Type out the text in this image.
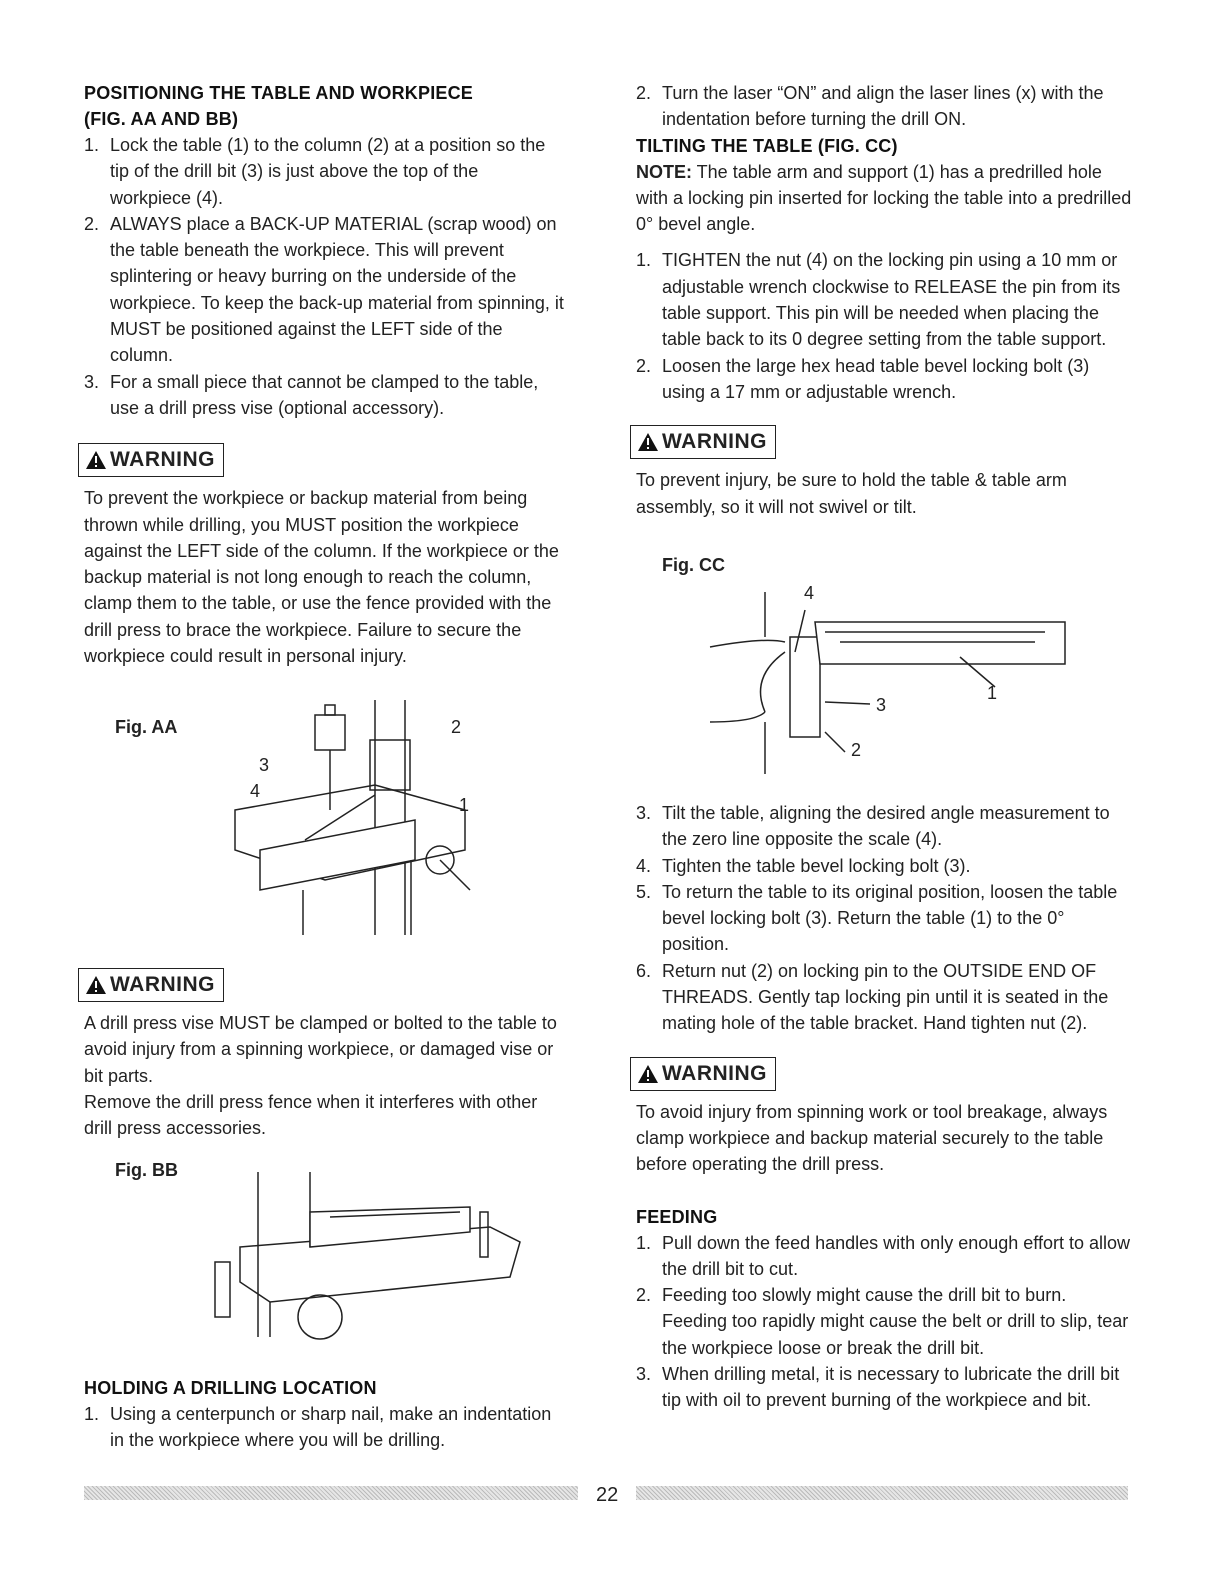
POSITIONING THE TABLE AND WORKPIECE
(FIG. AA AND BB)
1. Lock the table (1) to the column (2) at a position so the tip of the drill bit (3) is just above the top of the workpiece (4).
2. ALWAYS place a BACK-UP MATERIAL (scrap wood) on the table beneath the workpiece. This will prevent splintering or heavy burring on the underside of the workpiece. To keep the back-up material from spinning, it MUST be positioned against the LEFT side of the column.
3. For a small piece that cannot be clamped to the table, use a drill press vise (optional accessory).
WARNING

To prevent the workpiece or backup material from being thrown while drilling, you MUST position the workpiece against the LEFT side of the column. If the workpiece or the backup material is not long enough to reach the column, clamp them to the table, or use the fence provided with the drill press to brace the workpiece. Failure to secure the workpiece could result in personal injury.

Fig. AA	2
3
4
1
WARNING

A drill press vise MUST be clamped or bolted to the table to avoid injury from a spinning workpiece, or damaged vise or bit parts.

Remove the drill press fence when it interferes with other drill press accessories.

Fig. BB
HOLDING A DRILLING LOCATION
1. Using a centerpunch or sharp nail, make an indentation in the workpiece where you will be drilling.
2. Turn the laser “ON” and align the laser lines (x) with the indentation before turning the drill ON.
TILTING THE TABLE (FIG. CC)

NOTE: The table arm and support (1) has a predrilled hole with a locking pin inserted for locking the table into a predrilled 0° bevel angle.

1. TIGHTEN the nut (4) on the locking pin using a 10 mm or adjustable wrench clockwise to RELEASE the pin from its table support. This pin will be needed when placing the table back to its 0 degree setting from the table support.
2. Loosen the large hex head table bevel locking bolt (3) using a 17 mm or adjustable wrench.
WARNING

To prevent injury, be sure to hold the table & table arm assembly, so it will not swivel or tilt.

Fig. CC
4
3
1
2
3. Tilt the table, aligning the desired angle measurement to the zero line opposite the scale (4).
4. Tighten the table bevel locking bolt (3).
5. To return the table to its original position, loosen the table bevel locking bolt (3). Return the table (1) to the 0° position.
6. Return nut (2) on locking pin to the OUTSIDE END OF THREADS. Gently tap locking pin until it is seated in the mating hole of the table bracket. Hand tighten nut (2).
WARNING

To avoid injury from spinning work or tool breakage, always clamp workpiece and backup material securely to the table before operating the drill press.

FEEDING
1. Pull down the feed handles with only enough effort to allow the drill bit to cut.
2. Feeding too slowly might cause the drill bit to burn. Feeding too rapidly might cause the belt or drill to slip, tear the workpiece loose or break the drill bit.
3. When drilling metal, it is necessary to lubricate the drill bit tip with oil to prevent burning of the workpiece and bit.
22
